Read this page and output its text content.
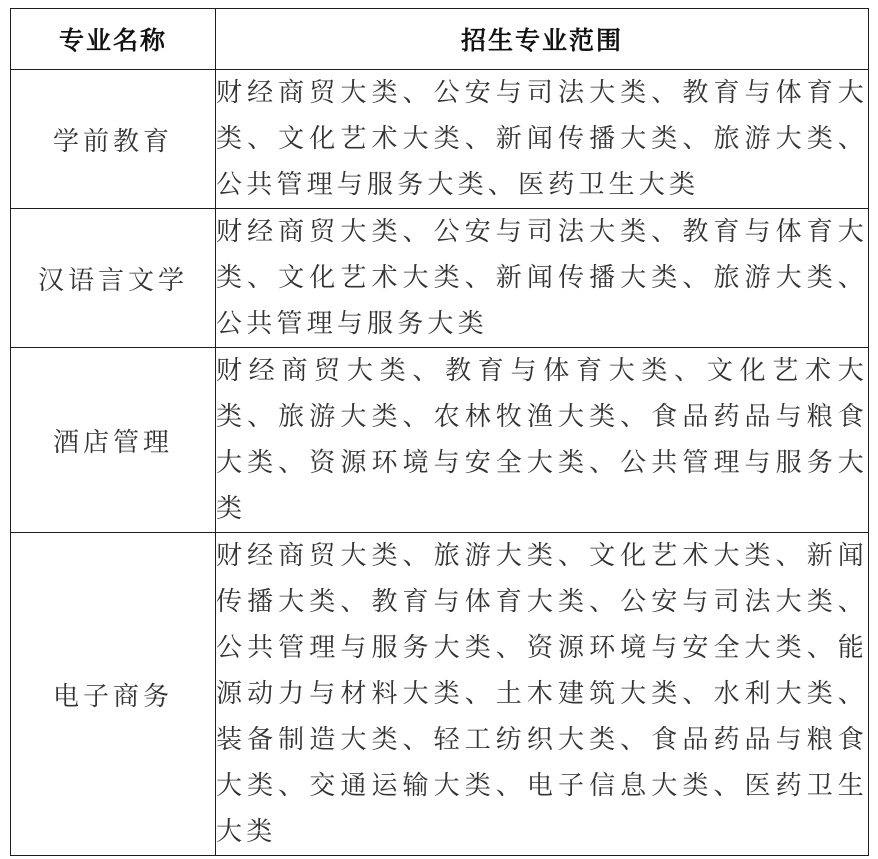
专业名称	招生专业范围
学前教育	财经商贸大类、公安与司法大类、教育与体育大类、文化艺术大类、新闻传播大类、旅游大类、公共管理与服务大类、医药卫生大类
汉语言文学	财经商贸大类、公安与司法大类、教育与体育大类、文化艺术大类、新闻传播大类、旅游大类、公共管理与服务大类
酒店管理	财经商贸大类、教育与体育大类、文化艺术大类、旅游大类、农林牧渔大类、食品药品与粮食大类、资源环境与安全大类、公共管理与服务大类
电子商务	财经商贸大类、旅游大类、文化艺术大类、新闻传播大类、教育与体育大类、公安与司法大类、公共管理与服务大类、资源环境与安全大类、能源动力与材料大类、土木建筑大类、水利大类、装备制造大类、轻工纺织大类、食品药品与粮食大类、交通运输大类、电子信息大类、医药卫生大类
